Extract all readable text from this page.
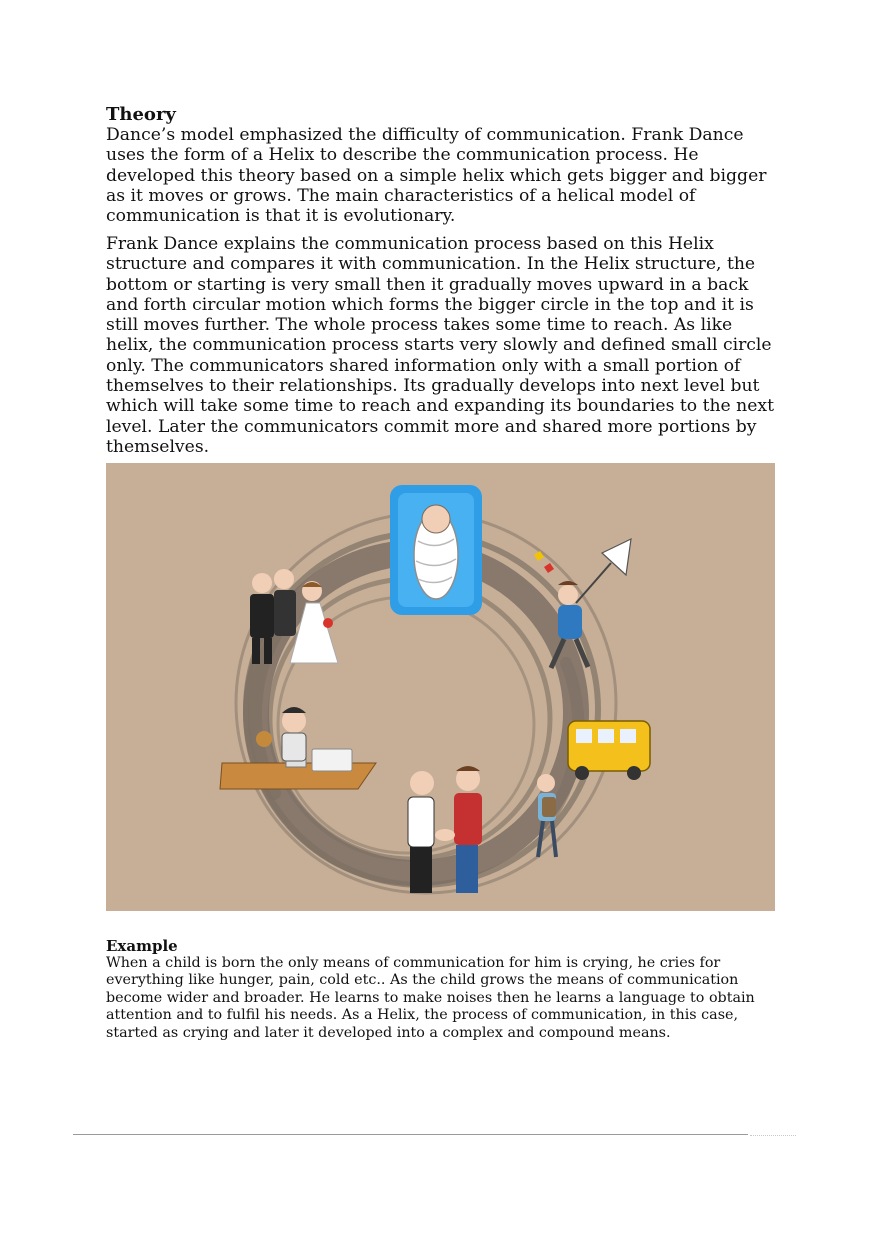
Theory

Dance’s model emphasized the difficulty of communication. Frank Dance uses the form of a Helix to describe the communication process. He developed this theory based on a simple helix which gets bigger and bigger as it moves or grows. The main characteristics of a helical model of communication is that it is evolutionary.

Frank Dance explains the communication process based on this Helix structure and compares it with communication. In the Helix structure, the bottom or starting is very small then it gradually moves upward in a back and forth circular motion which forms the bigger circle in the top and it is still moves further. The whole process takes some time to reach. As like helix, the communication process starts very slowly and defined small circle only. The communicators shared information only with a small portion of themselves to their relationships. Its gradually develops into next level but which will take some time to reach and expanding its boundaries to the next level. Later the communicators commit more and shared more portions by themselves.

Example

When a child is born the only means of communication for him is crying, he cries for everything like hunger, pain, cold etc.. As the child grows the means of communication become wider and broader. He learns to make noises then he learns a language to obtain attention and to fulfil his needs. As a Helix, the process of communication, in this case, started as crying and later it developed into a complex and compound means.
